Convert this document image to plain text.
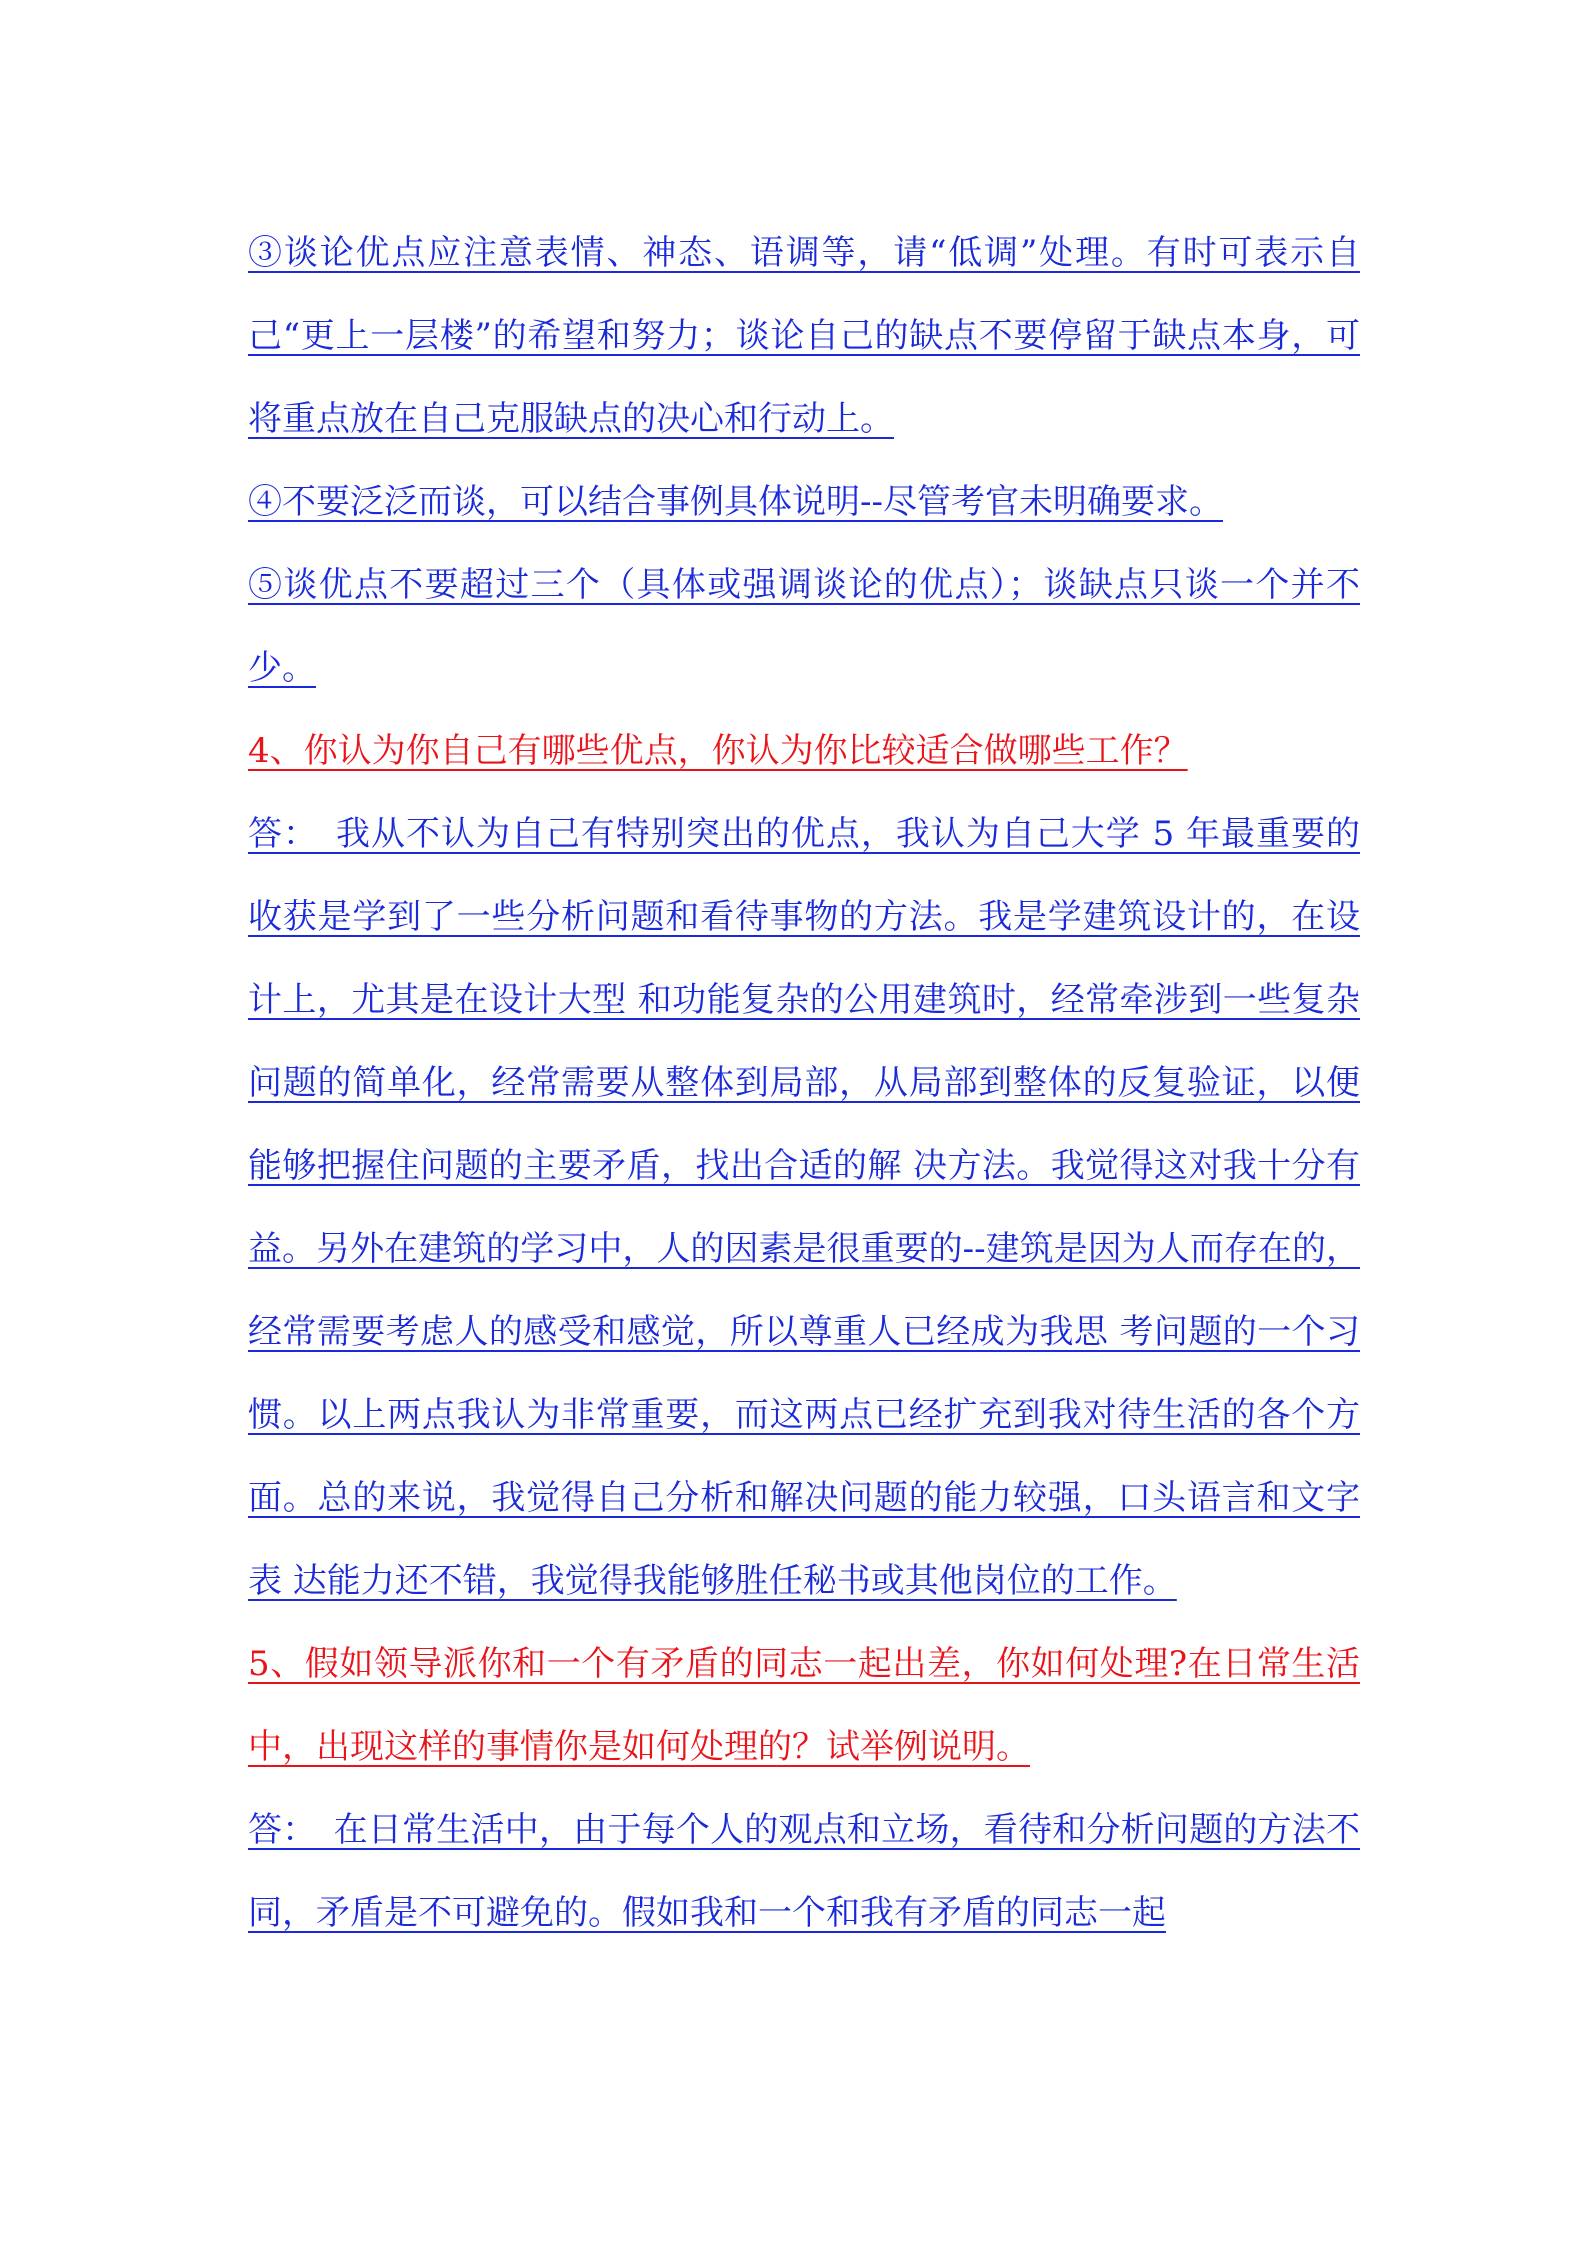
③谈论优点应注意表情、神态、语调等，请“低调”处理。有时可表示自己“更上一层楼”的希望和努力；谈论自己的缺点不要停留于缺点本身，可将重点放在自己克服缺点的决心和行动上。

④不要泛泛而谈，可以结合事例具体说明--尽管考官未明确要求。

⑤谈优点不要超过三个（具体或强调谈论的优点）；谈缺点只谈一个并不少。

4、你认为你自己有哪些优点，你认为你比较适合做哪些工作？

答：　我从不认为自己有特别突出的优点，我认为自己大学 5 年最重要的收获是学到了一些分析问题和看待事物的方法。我是学建筑设计的，在设计上，尤其是在设计大型 和功能复杂的公用建筑时，经常牵涉到一些复杂问题的简单化，经常需要从整体到局部，从局部到整体的反复验证，以便能够把握住问题的主要矛盾，找出合适的解 决方法。我觉得这对我十分有益。另外在建筑的学习中，人的因素是很重要的--建筑是因为人而存在的，经常需要考虑人的感受和感觉，所以尊重人已经成为我思 考问题的一个习惯。以上两点我认为非常重要，而这两点已经扩充到我对待生活的各个方面。总的来说，我觉得自己分析和解决问题的能力较强，口头语言和文字表 达能力还不错，我觉得我能够胜任秘书或其他岗位的工作。

5、假如领导派你和一个有矛盾的同志一起出差，你如何处理?在日常生活中，出现这样的事情你是如何处理的？试举例说明。

答：　在日常生活中，由于每个人的观点和立场，看待和分析问题的方法不同，矛盾是不可避免的。假如我和一个和我有矛盾的同志一起
